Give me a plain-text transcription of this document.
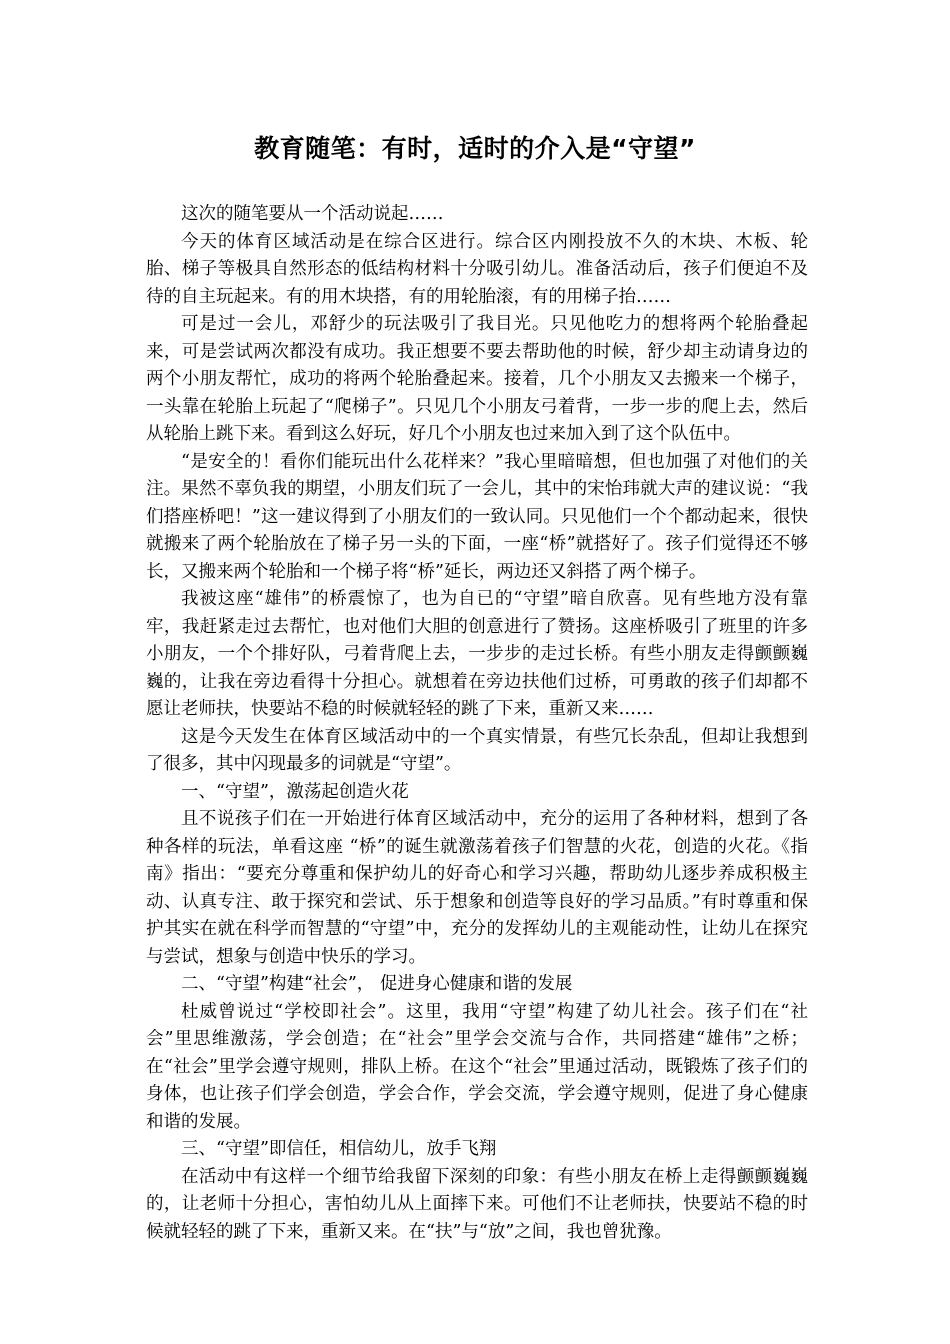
教育随笔：有时，适时的介入是“守望”

这次的随笔要从一个活动说起……

今天的体育区域活动是在综合区进行。综合区内刚投放不久的木块、木板、轮胎、梯子等极具自然形态的低结构材料十分吸引幼儿。准备活动后，孩子们便迫不及待的自主玩起来。有的用木块搭，有的用轮胎滚，有的用梯子抬……

可是过一会儿，邓舒少的玩法吸引了我目光。只见他吃力的想将两个轮胎叠起来，可是尝试两次都没有成功。我正想要不要去帮助他的时候，舒少却主动请身边的两个小朋友帮忙，成功的将两个轮胎叠起来。接着，几个小朋友又去搬来一个梯子，一头靠在轮胎上玩起了“爬梯子”。只见几个小朋友弓着背，一步一步的爬上去，然后从轮胎上跳下来。看到这么好玩，好几个小朋友也过来加入到了这个队伍中。

“是安全的！看你们能玩出什么花样来？”我心里暗暗想，但也加强了对他们的关注。果然不辜负我的期望，小朋友们玩了一会儿，其中的宋怡玮就大声的建议说：“我们搭座桥吧！”这一建议得到了小朋友们的一致认同。只见他们一个个都动起来，很快就搬来了两个轮胎放在了梯子另一头的下面，一座“桥”就搭好了。孩子们觉得还不够长，又搬来两个轮胎和一个梯子将“桥”延长，两边还又斜搭了两个梯子。

我被这座“雄伟”的桥震惊了，也为自已的“守望”暗自欣喜。见有些地方没有靠牢，我赶紧走过去帮忙，也对他们大胆的创意进行了赞扬。这座桥吸引了班里的许多小朋友，一个个排好队，弓着背爬上去，一步步的走过长桥。有些小朋友走得颤颤巍巍的，让我在旁边看得十分担心。就想着在旁边扶他们过桥，可勇敢的孩子们却都不愿让老师扶，快要站不稳的时候就轻轻的跳了下来，重新又来……

这是今天发生在体育区域活动中的一个真实情景，有些冗长杂乱，但却让我想到了很多，其中闪现最多的词就是“守望”。

一、“守望”，激荡起创造火花

且不说孩子们在一开始进行体育区域活动中，充分的运用了各种材料，想到了各种各样的玩法，单看这座 “桥”的诞生就激荡着孩子们智慧的火花，创造的火花。《指南》指出：“要充分尊重和保护幼儿的好奇心和学习兴趣，帮助幼儿逐步养成积极主动、认真专注、敢于探究和尝试、乐于想象和创造等良好的学习品质。”有时尊重和保护其实在就在科学而智慧的“守望”中，充分的发挥幼儿的主观能动性，让幼儿在探究与尝试，想象与创造中快乐的学习。

二、“守望”构建“社会”， 促进身心健康和谐的发展

杜威曾说过“学校即社会”。这里，我用“守望”构建了幼儿社会。孩子们在“社会”里思维激荡，学会创造；在“社会”里学会交流与合作，共同搭建“雄伟”之桥；在“社会”里学会遵守规则，排队上桥。在这个“社会”里通过活动，既锻炼了孩子们的身体，也让孩子们学会创造，学会合作，学会交流，学会遵守规则，促进了身心健康和谐的发展。

三、“守望”即信任，相信幼儿，放手飞翔

在活动中有这样一个细节给我留下深刻的印象：有些小朋友在桥上走得颤颤巍巍的，让老师十分担心，害怕幼儿从上面摔下来。可他们不让老师扶，快要站不稳的时候就轻轻的跳了下来，重新又来。在“扶”与“放”之间，我也曾犹豫。
